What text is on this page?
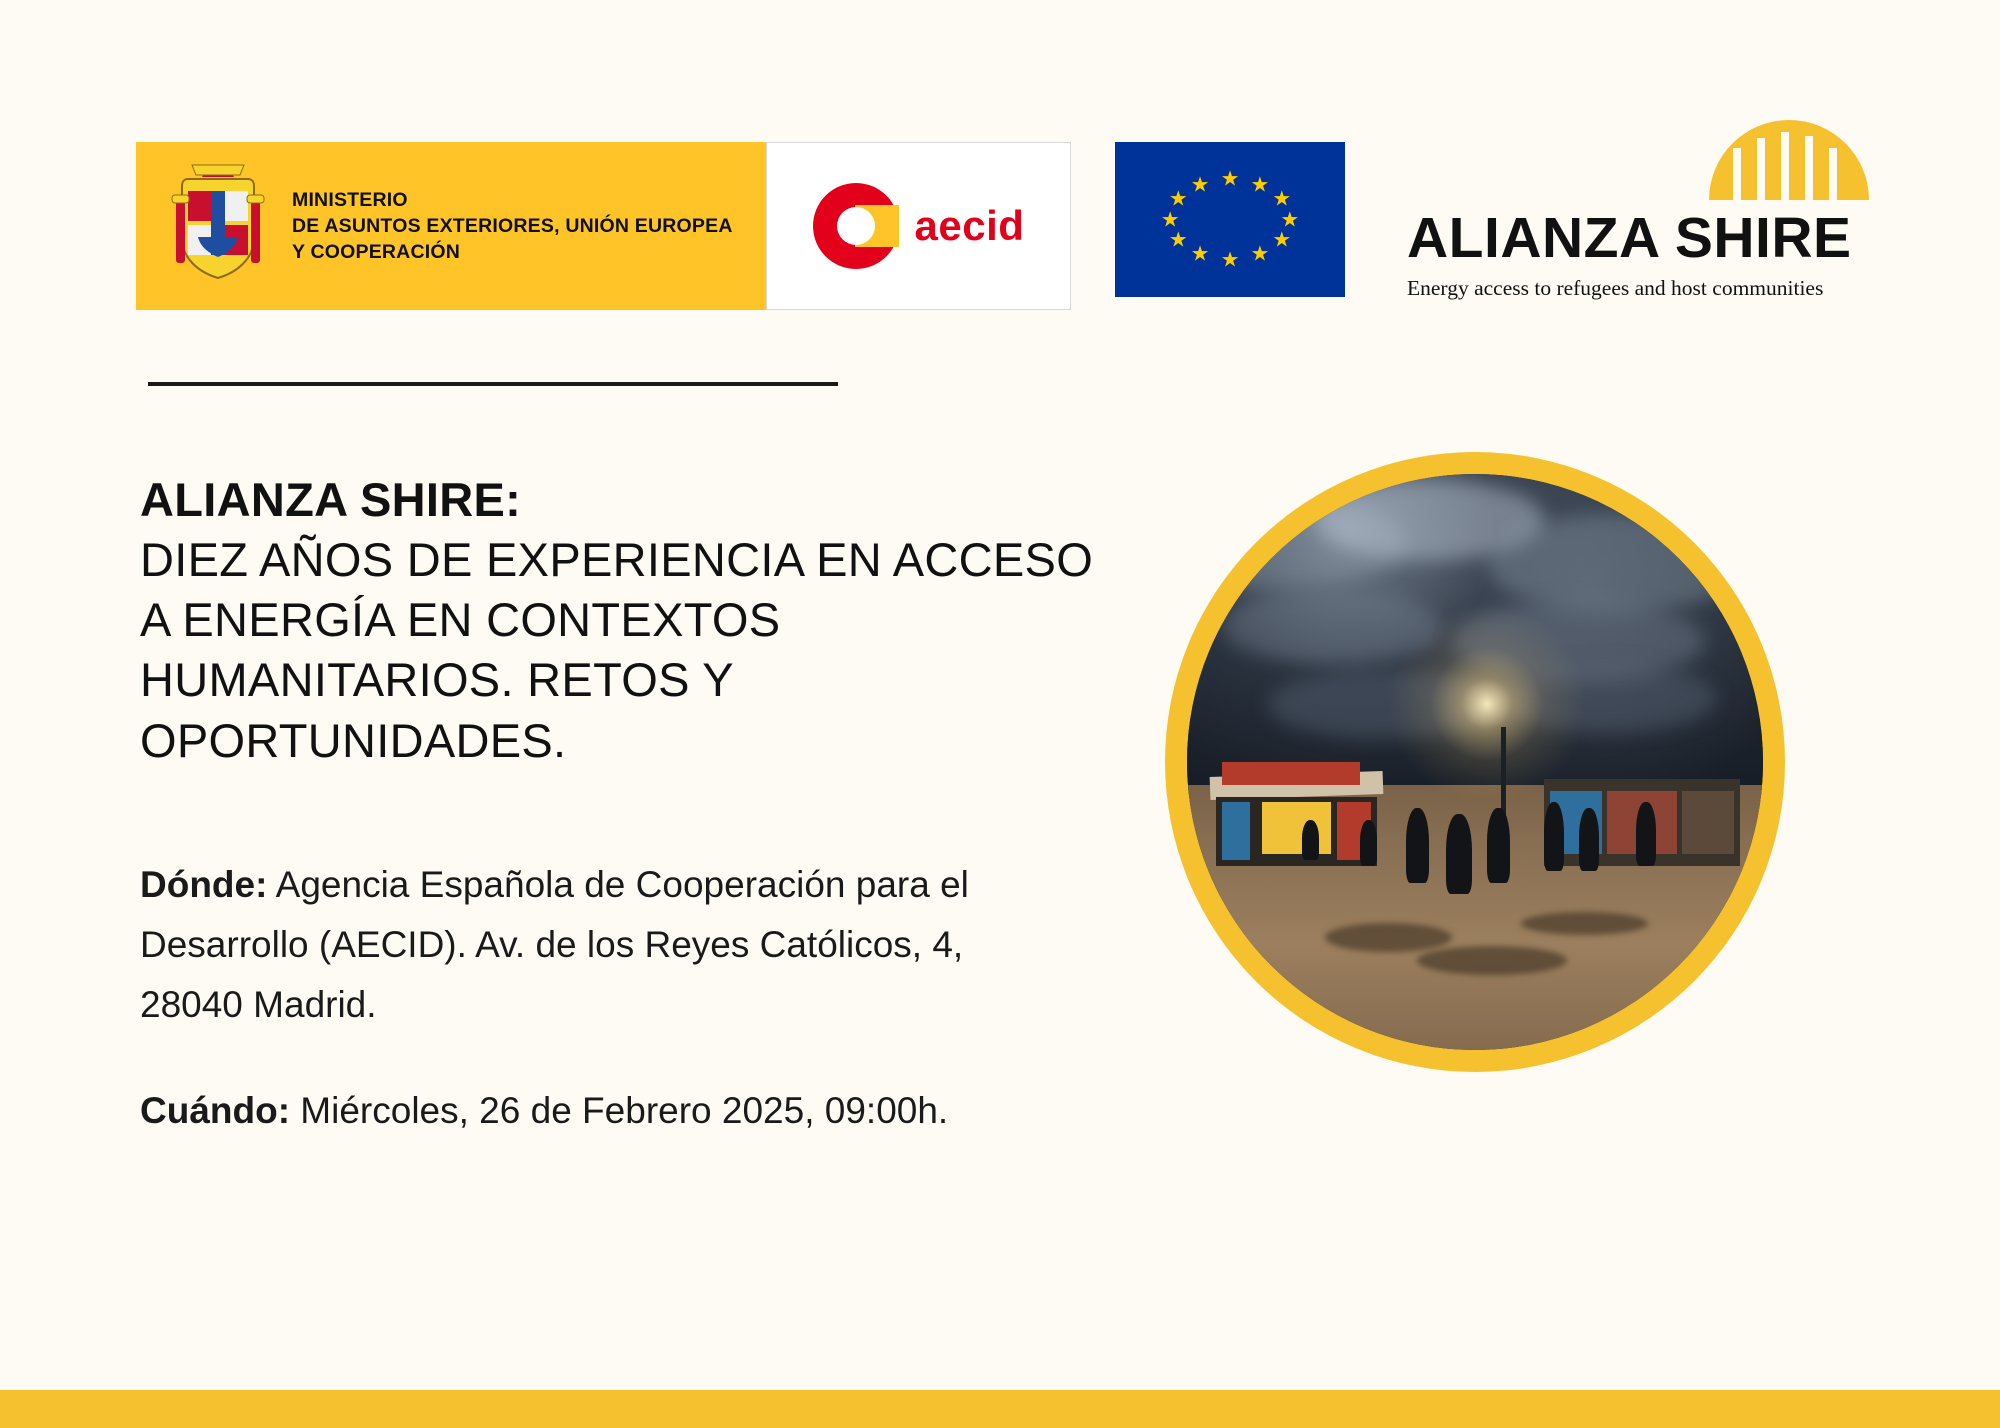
MINISTERIO
DE ASUNTOS EXTERIORES, UNIÓN EUROPEA
Y COOPERACIÓN
aecid
★ ★
★
★
★
★
★
★
★
★
★
★
ALIANZA SHIRE
Energy access to refugees and host communities
ALIANZA SHIRE:
DIEZ AÑOS DE EXPERIENCIA EN ACCESO A ENERGÍA EN CONTEXTOS HUMANITARIOS. RETOS Y OPORTUNIDADES.
Dónde: Agencia Española de Cooperación para el Desarrollo (AECID). Av. de los Reyes Católicos, 4, 28040 Madrid.
Cuándo: Miércoles, 26 de Febrero 2025, 09:00h.
